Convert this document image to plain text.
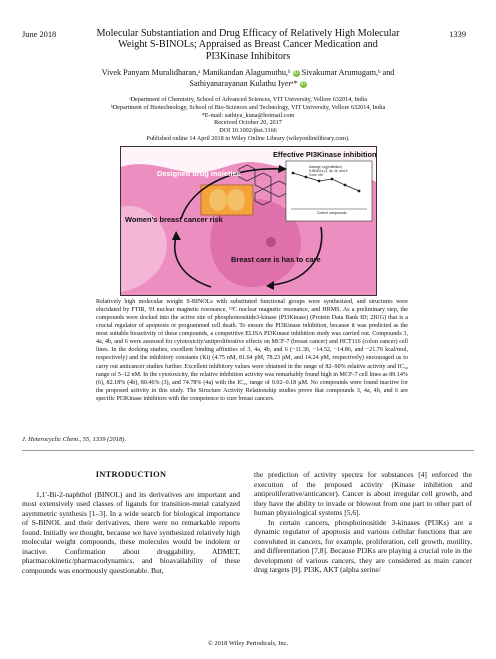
June 2018	1339
Molecular Substantiation and Drug Efficacy of Relatively High Molecular
Weight S-BINOLs; Appraised as Breast Cancer Medication and
PI3Kinase Inhibitors
Vivek Panyam Muralidharan,ᵃ Manikandan Alagumuthu,ᵇ iD Sivakumar Arumugam,ᵇ and
Sathiyanarayanan Kulathu Iyerᵃ* iD
ᵃDepartment of Chemistry, School of Advanced Sciences, VIT University, Vellore 632014, India
ᵇDepartment of Biotechnology, School of Bio-Sciences and Technology, VIT University, Vellore 632014, India
*E-mail: sathiya_kuna@hotmail.com
Received October 20, 2017
DOI 10.1002/jhet.3166
Published online 14 April 2018 in Wiley Online Library (wileyonlinelibrary.com).
Effective PI3Kinase inhibition
Designed drug moieties
Women's breast cancer risk
Breast care is has to care
Average Log(Inhibition)
S-BINOLs (3, 4a, 4b, and 6
Conc. nM
Control compounds

Relatively high molecular weight S-BINOLs with substituted functional groups were synthesized, and structures were elucidated by FTIR, ¹H nuclear magnetic resonance, ¹³C nuclear magnetic resonance, and HRMS. As a preliminary step, the compounds were docked into the active site of phosphoinositide3-kinase (PI3Kinase) (Protein Data Bank ID; 2IUG) that is a crucial regulator of apoptosis or programmed cell death. To ensure the PI3Kinase inhibition, because it was predicted as the most suitable bioactivity of these compounds, a competitive ELISA PI3Kinase inhibition study was carried out. Compounds 3, 4a, 4b, and 6 were assessed for cytotoxicity/antiproliferative effects on MCF-7 (breast cancer) and HCT116 (colon cancer) cell lines. In the docking studies, excellent binding affinities of 3, 4a, 4b, and 6 (−11.36, −14.52, −14.86, and −21.76 kcal/mol, respectively) and the inhibitory constants (Ki) (4.75 nM, 81.64 pM, 78.23 pM, and 14.24 pM, respectively) encouraged us to carry out anticancer studies further. Excellent inhibitory values were obtained in the range of 82–90% relative activity and IC₅₀ range of 5–12 nM. In the cytotoxicity, the relative inhibition activity was remarkably found high in MCF-7 cell lines as 89.14% (6), 82.18% (4b), 80.46% (3), and 74.78% (4a) with the IC₅₀ range of 0.02–0.18 µM. No compounds were found inactive for the proposed activity in this study. The Structure Activity Relationship studies prove that compounds 3, 4a, 4b, and 6 are specific PI3Kinase inhibitors with the competence to cure breast cancers.

J. Heterocyclic Chem., 55, 1339 (2018).

INTRODUCTION

1,1′-Bi-2-naphthol (BINOL) and its derivatives are important and most extensively used classes of ligands for transition-metal catalyzed asymmetric synthesis [1–3]. In a wide search for biological importance of S-BINOL and their derivatives, there were no remarkable reports found. Initially we thought, because we have synthesized relatively high molecular weight compounds, these molecules would be indolent or inactive. Confirmation about druggability, ADMET, pharmacokinetic/pharmacodynamics, and bioavailability of these compounds was enormously questionable. But,

the prediction of activity spectra for substances [4] enforced the execution of the proposed activity (Kinase inhibition and antiproliferative/anticancer). Cancer is about irregular cell growth, and they have the ability to invade or blowout from one part to other part of human physiological systems [5,6].

In certain cancers, phosphoinositide 3-kinases (PI3Ks) are a dynamic regulator of apoptosis and various cellular functions that are convoluted in cancers, for example, proliferation, cell growth, motility, and differentiation [7,8]. Because PI3Ks are playing a crucial role in the development of various cancers, they are considered as main cancer drug targets [9]. PI3K, AKT (alpha serine/

© 2018 Wiley Periodicals, Inc.
